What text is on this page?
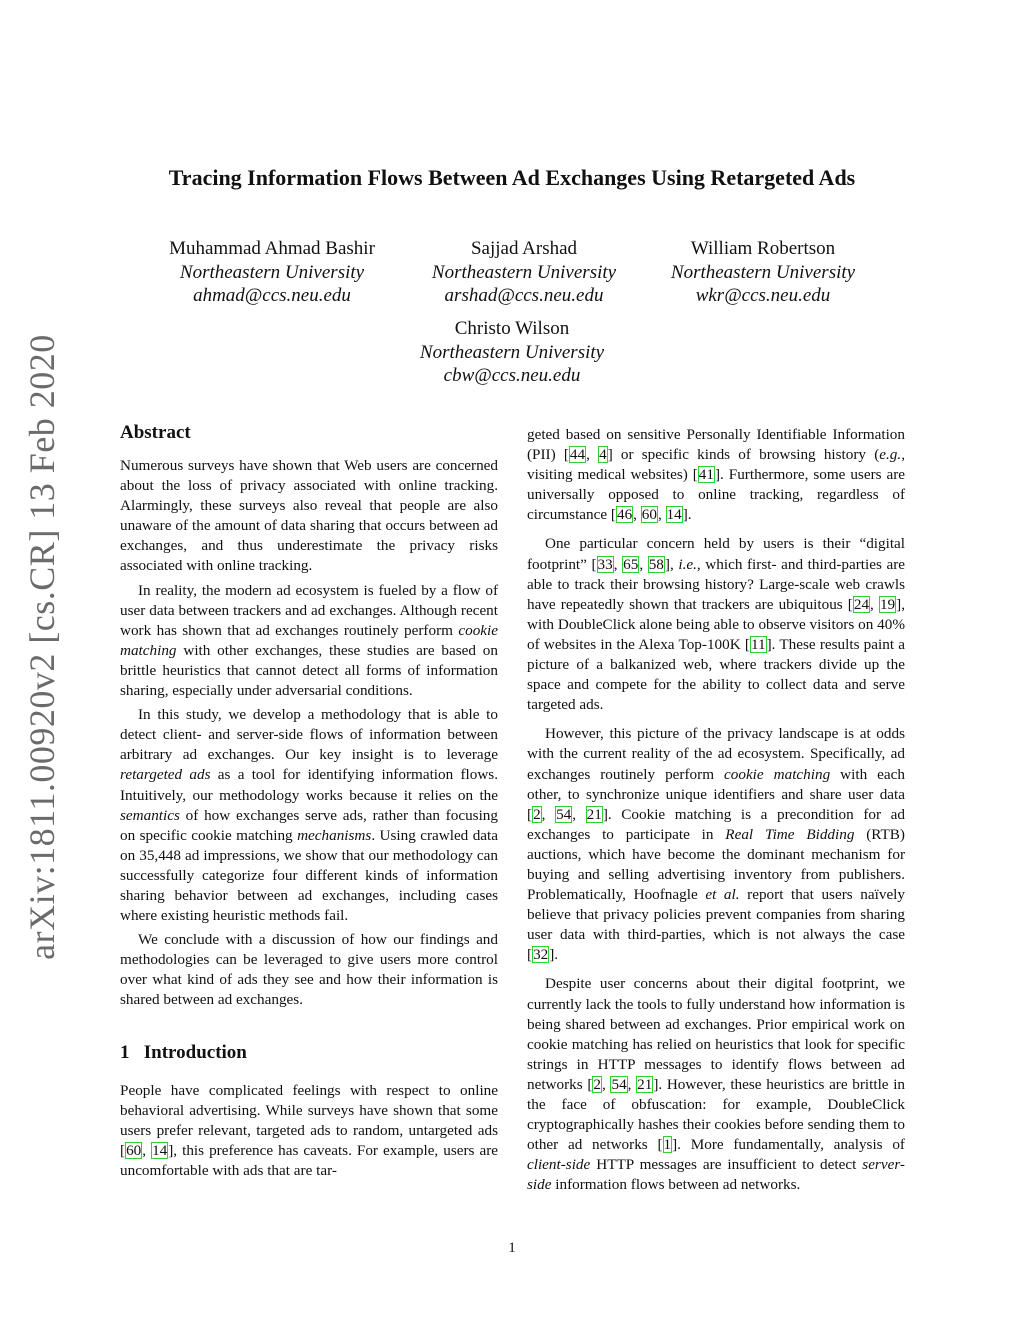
arXiv:1811.00920v2 [cs.CR] 13 Feb 2020
Tracing Information Flows Between Ad Exchanges Using Retargeted Ads
Muhammad Ahmad Bashir
Northeastern University
ahmad@ccs.neu.edu
Sajjad Arshad
Northeastern University
arshad@ccs.neu.edu
William Robertson
Northeastern University
wkr@ccs.neu.edu
Christo Wilson
Northeastern University
cbw@ccs.neu.edu
Abstract

Numerous surveys have shown that Web users are concerned about the loss of privacy associated with online tracking. Alarmingly, these surveys also reveal that people are also unaware of the amount of data sharing that occurs between ad exchanges, and thus underestimate the privacy risks associated with online tracking.

In reality, the modern ad ecosystem is fueled by a flow of user data between trackers and ad exchanges. Although recent work has shown that ad exchanges routinely perform cookie matching with other exchanges, these studies are based on brittle heuristics that cannot detect all forms of information sharing, especially under adversarial conditions.

In this study, we develop a methodology that is able to detect client- and server-side flows of information between arbitrary ad exchanges. Our key insight is to leverage retargeted ads as a tool for identifying information flows. Intuitively, our methodology works because it relies on the semantics of how exchanges serve ads, rather than focusing on specific cookie matching mechanisms. Using crawled data on 35,448 ad impressions, we show that our methodology can successfully categorize four different kinds of information sharing behavior between ad exchanges, including cases where existing heuristic methods fail.

We conclude with a discussion of how our findings and methodologies can be leveraged to give users more control over what kind of ads they see and how their information is shared between ad exchanges.

1 Introduction

People have complicated feelings with respect to online behavioral advertising. While surveys have shown that some users prefer relevant, targeted ads to random, untargeted ads [60, 14], this preference has caveats. For example, users are uncomfortable with ads that are tar-

geted based on sensitive Personally Identifiable Information (PII) [44, 4] or specific kinds of browsing history (e.g., visiting medical websites) [41]. Furthermore, some users are universally opposed to online tracking, regardless of circumstance [46, 60, 14].

One particular concern held by users is their “digital footprint” [33, 65, 58], i.e., which first- and third-parties are able to track their browsing history? Large-scale web crawls have repeatedly shown that trackers are ubiquitous [24, 19], with DoubleClick alone being able to observe visitors on 40% of websites in the Alexa Top-100K [11]. These results paint a picture of a balkanized web, where trackers divide up the space and compete for the ability to collect data and serve targeted ads.

However, this picture of the privacy landscape is at odds with the current reality of the ad ecosystem. Specifically, ad exchanges routinely perform cookie matching with each other, to synchronize unique identifiers and share user data [2, 54, 21]. Cookie matching is a precondition for ad exchanges to participate in Real Time Bidding (RTB) auctions, which have become the dominant mechanism for buying and selling advertising inventory from publishers. Problematically, Hoofnagle et al. report that users naïvely believe that privacy policies prevent companies from sharing user data with third-parties, which is not always the case [32].

Despite user concerns about their digital footprint, we currently lack the tools to fully understand how information is being shared between ad exchanges. Prior empirical work on cookie matching has relied on heuristics that look for specific strings in HTTP messages to identify flows between ad networks [2, 54, 21]. However, these heuristics are brittle in the face of obfuscation: for example, DoubleClick cryptographically hashes their cookies before sending them to other ad networks [1]. More fundamentally, analysis of client-side HTTP messages are insufficient to detect server-side information flows between ad networks.

1
